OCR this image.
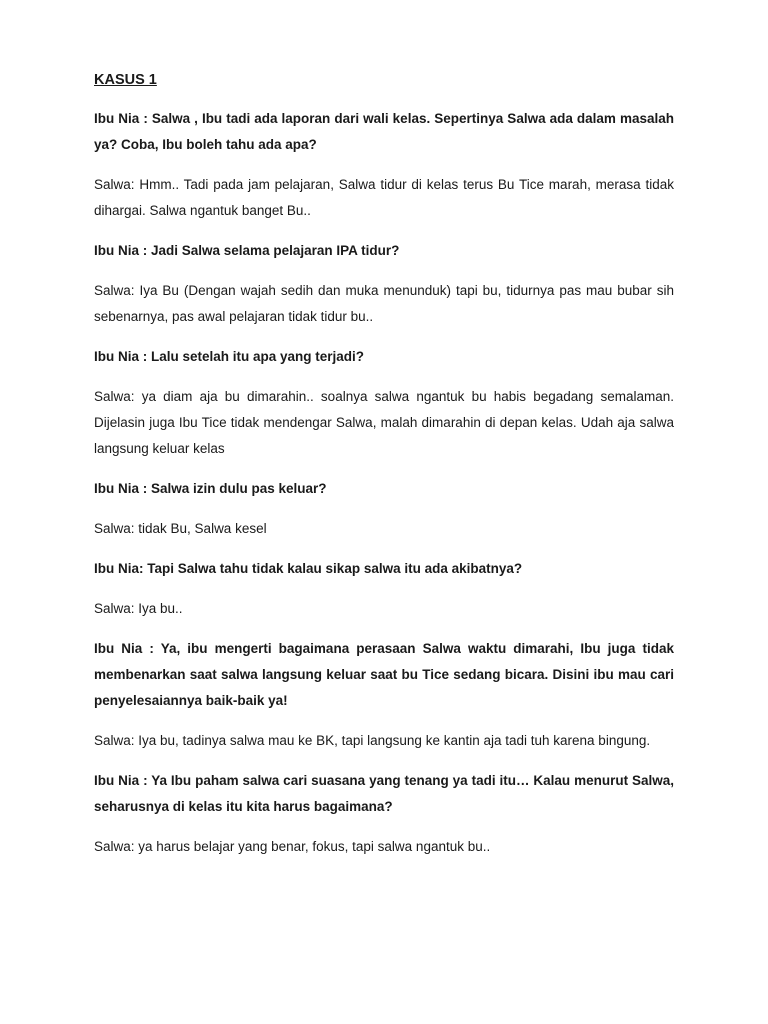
KASUS 1

Ibu Nia : Salwa , Ibu tadi ada laporan dari wali kelas. Sepertinya Salwa ada dalam masalah ya? Coba, Ibu boleh tahu ada apa?

Salwa: Hmm.. Tadi pada jam pelajaran, Salwa tidur di kelas terus Bu Tice marah, merasa tidak dihargai. Salwa ngantuk banget Bu..

Ibu Nia : Jadi Salwa selama pelajaran IPA tidur?

Salwa: Iya Bu (Dengan wajah sedih dan muka menunduk) tapi bu, tidurnya pas mau bubar sih sebenarnya, pas awal pelajaran tidak tidur bu..

Ibu Nia : Lalu setelah itu apa yang terjadi?

Salwa: ya diam aja bu dimarahin.. soalnya salwa ngantuk bu habis begadang semalaman. Dijelasin juga Ibu Tice tidak mendengar Salwa, malah dimarahin di depan kelas. Udah aja salwa langsung keluar kelas

Ibu Nia : Salwa izin dulu pas keluar?

Salwa: tidak Bu, Salwa kesel

Ibu Nia: Tapi Salwa tahu tidak kalau sikap salwa itu ada akibatnya?

Salwa: Iya bu..

Ibu Nia : Ya, ibu mengerti bagaimana perasaan Salwa waktu dimarahi, Ibu juga tidak membenarkan saat salwa langsung keluar saat bu Tice sedang bicara. Disini ibu mau cari penyelesaiannya baik-baik ya!

Salwa: Iya bu, tadinya salwa mau ke BK, tapi langsung ke kantin aja tadi tuh karena bingung.

Ibu Nia : Ya Ibu paham salwa cari suasana yang tenang ya tadi itu… Kalau menurut Salwa, seharusnya di kelas itu kita harus bagaimana?

Salwa: ya harus belajar yang benar, fokus, tapi salwa ngantuk bu..
